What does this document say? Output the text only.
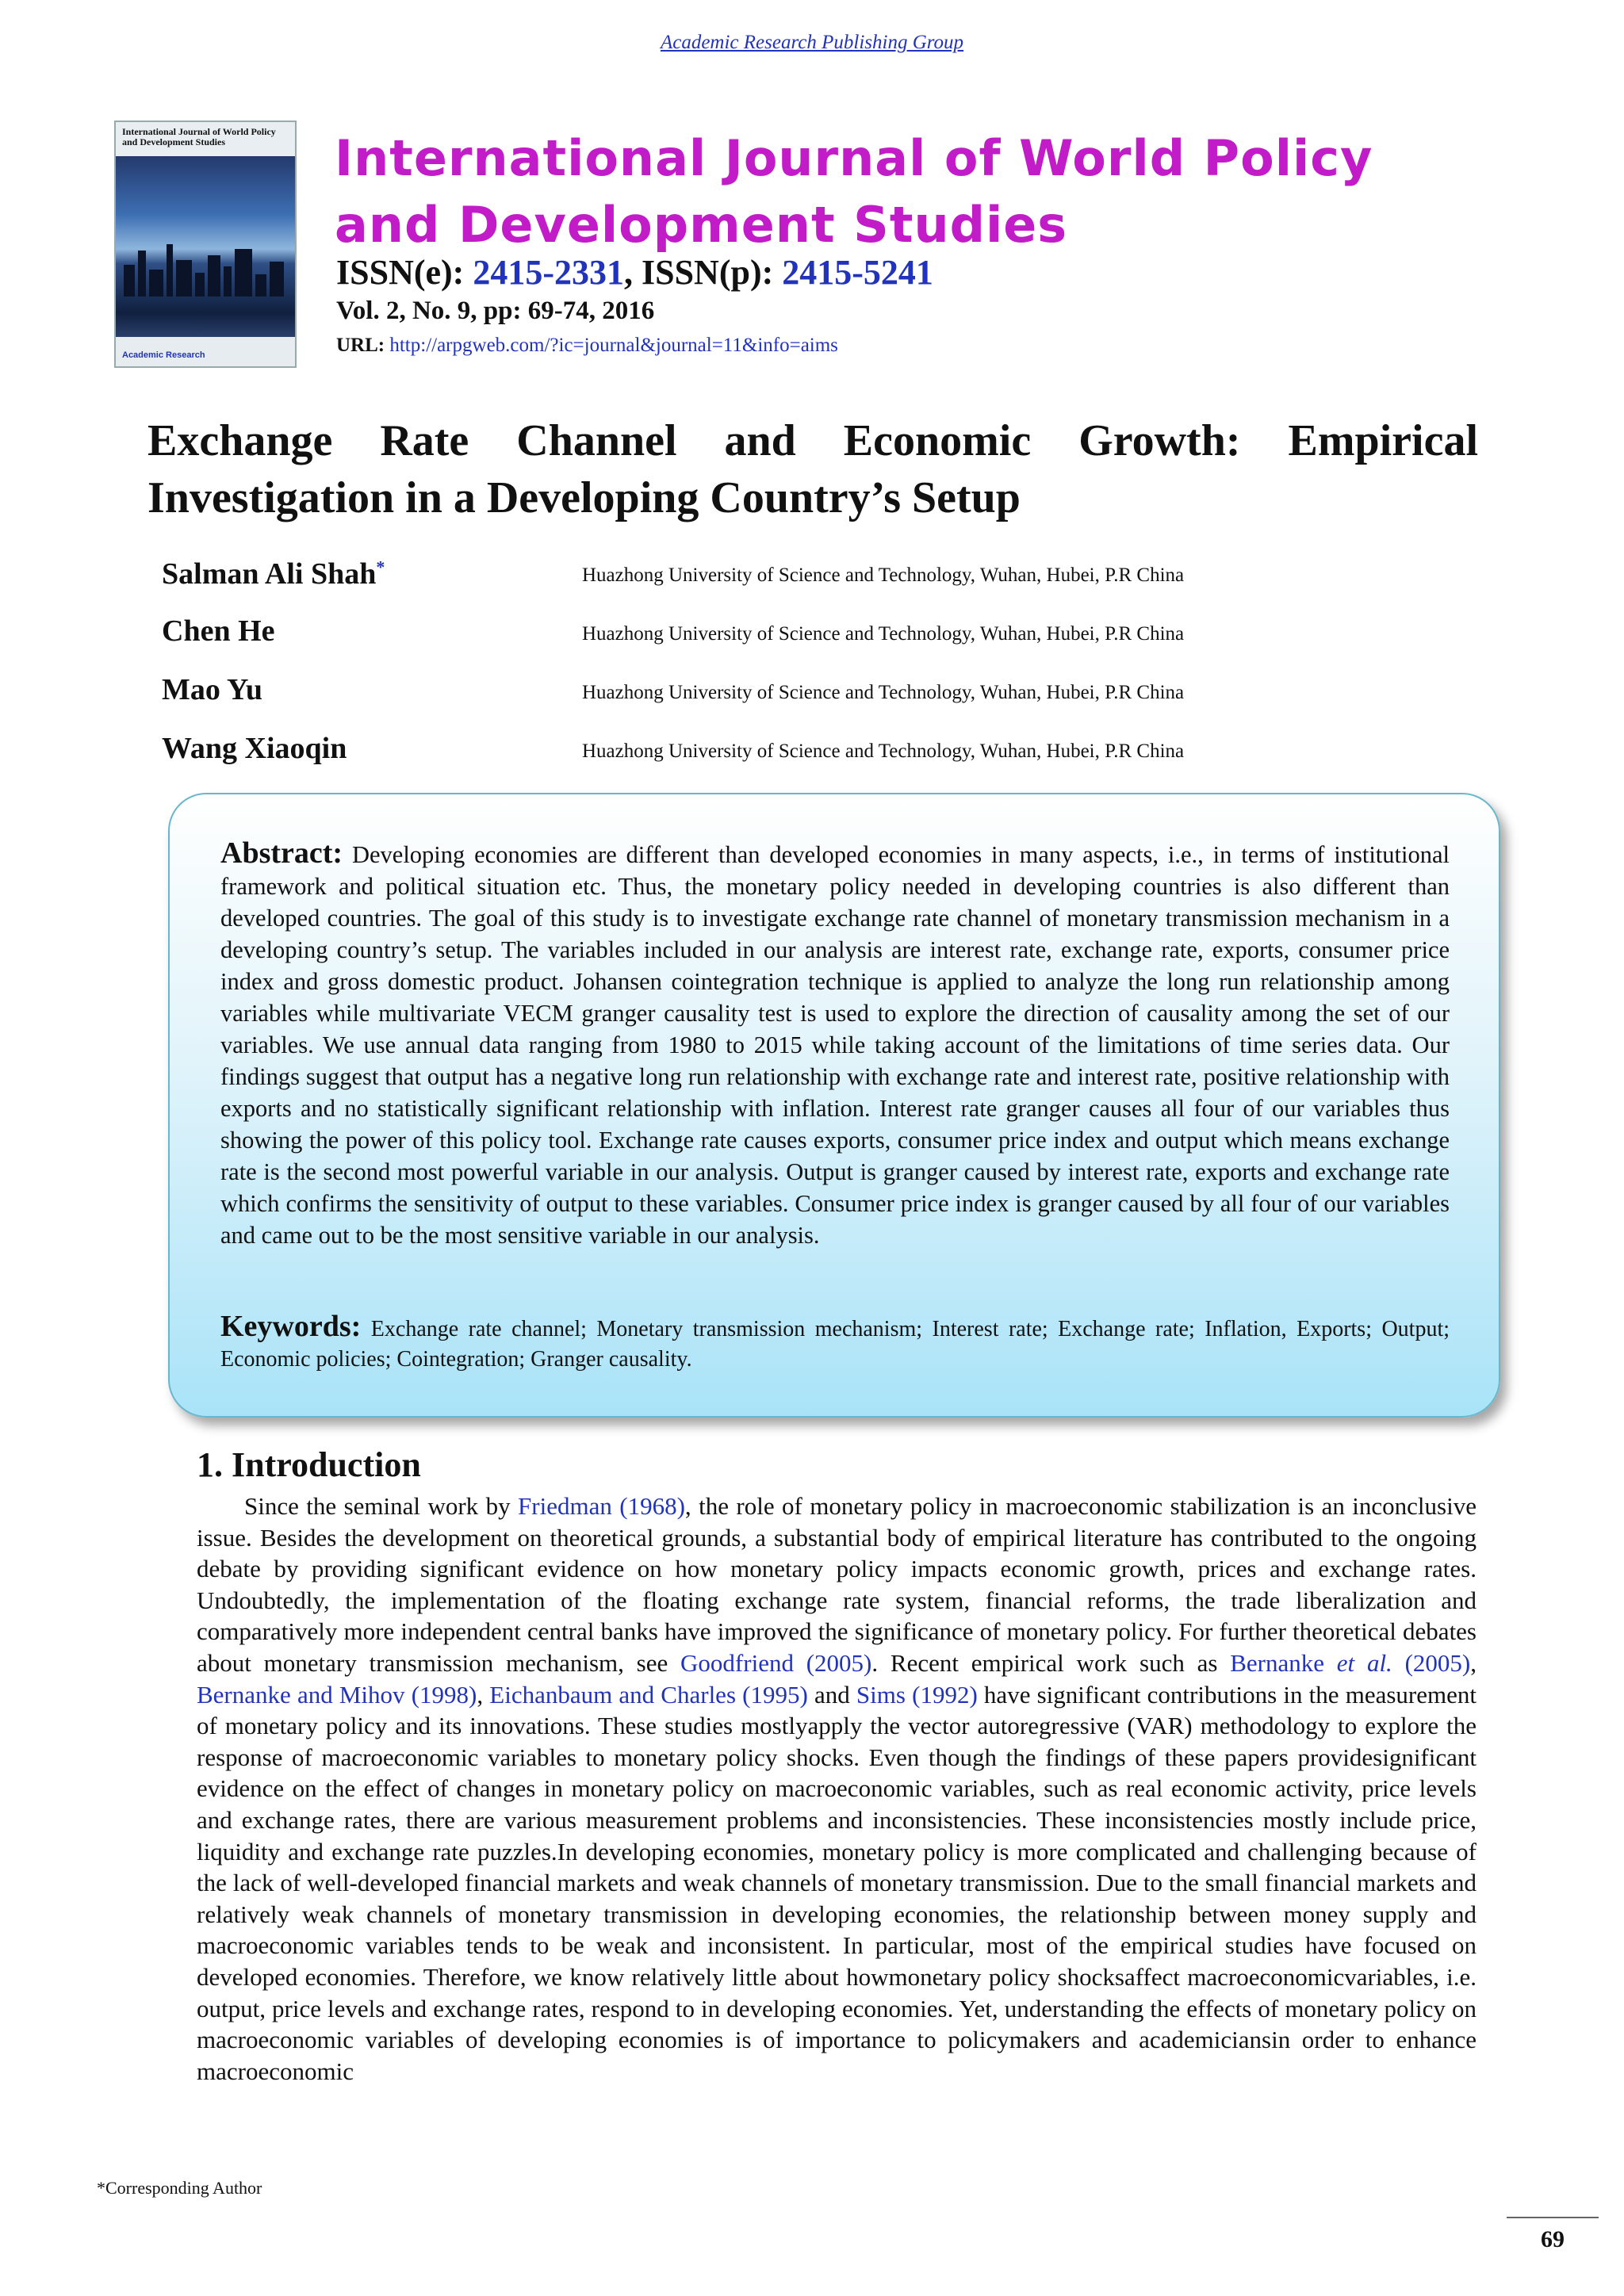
Academic Research Publishing Group
International Journal of World Policy and Development Studies
Academic Research
International Journal of World Policy
and Development Studies
ISSN(e): 2415-2331, ISSN(p): 2415-5241
Vol. 2, No. 9, pp: 69-74, 2016
URL: http://arpgweb.com/?ic=journal&journal=11&info=aims
Exchange Rate Channel and Economic Growth: Empirical Investigation in a Developing Country’s Setup
Salman Ali Shah*	Huazhong University of Science and Technology, Wuhan, Hubei, P.R China
Chen He	Huazhong University of Science and Technology, Wuhan, Hubei, P.R China
Mao Yu	Huazhong University of Science and Technology, Wuhan, Hubei, P.R China
Wang Xiaoqin	Huazhong University of Science and Technology, Wuhan, Hubei, P.R China
Abstract: Developing economies are different than developed economies in many aspects, i.e., in terms of institutional framework and political situation etc. Thus, the monetary policy needed in developing countries is also different than developed countries. The goal of this study is to investigate exchange rate channel of monetary transmission mechanism in a developing country’s setup. The variables included in our analysis are interest rate, exchange rate, exports, consumer price index and gross domestic product. Johansen cointegration technique is applied to analyze the long run relationship among variables while multivariate VECM granger causality test is used to explore the direction of causality among the set of our variables. We use annual data ranging from 1980 to 2015 while taking account of the limitations of time series data. Our findings suggest that output has a negative long run relationship with exchange rate and interest rate, positive relationship with exports and no statistically significant relationship with inflation. Interest rate granger causes all four of our variables thus showing the power of this policy tool. Exchange rate causes exports, consumer price index and output which means exchange rate is the second most powerful variable in our analysis. Output is granger caused by interest rate, exports and exchange rate which confirms the sensitivity of output to these variables. Consumer price index is granger caused by all four of our variables and came out to be the most sensitive variable in our analysis.
Keywords: Exchange rate channel; Monetary transmission mechanism; Interest rate; Exchange rate; Inflation, Exports; Output; Economic policies; Cointegration; Granger causality.
1. Introduction
Since the seminal work by Friedman (1968), the role of monetary policy in macroeconomic stabilization is an inconclusive issue. Besides the development on theoretical grounds, a substantial body of empirical literature has contributed to the ongoing debate by providing significant evidence on how monetary policy impacts economic growth, prices and exchange rates. Undoubtedly, the implementation of the floating exchange rate system, financial reforms, the trade liberalization and comparatively more independent central banks have improved the significance of monetary policy. For further theoretical debates about monetary transmission mechanism, see Goodfriend (2005). Recent empirical work such as Bernanke et al. (2005), Bernanke and Mihov (1998), Eichanbaum and Charles (1995) and Sims (1992) have significant contributions in the measurement of monetary policy and its innovations. These studies mostlyapply the vector autoregressive (VAR) methodology to explore the response of macroeconomic variables to monetary policy shocks. Even though the findings of these papers providesignificant evidence on the effect of changes in monetary policy on macroeconomic variables, such as real economic activity, price levels and exchange rates, there are various measurement problems and inconsistencies. These inconsistencies mostly include price, liquidity and exchange rate puzzles.In developing economies, monetary policy is more complicated and challenging because of the lack of well-developed financial markets and weak channels of monetary transmission. Due to the small financial markets and relatively weak channels of monetary transmission in developing economies, the relationship between money supply and macroeconomic variables tends to be weak and inconsistent. In particular, most of the empirical studies have focused on developed economies. Therefore, we know relatively little about howmonetary policy shocksaffect macroeconomicvariables, i.e. output, price levels and exchange rates, respond to in developing economies. Yet, understanding the effects of monetary policy on macroeconomic variables of developing economies is of importance to policymakers and academiciansin order to enhance macroeconomic
*Corresponding Author
69
